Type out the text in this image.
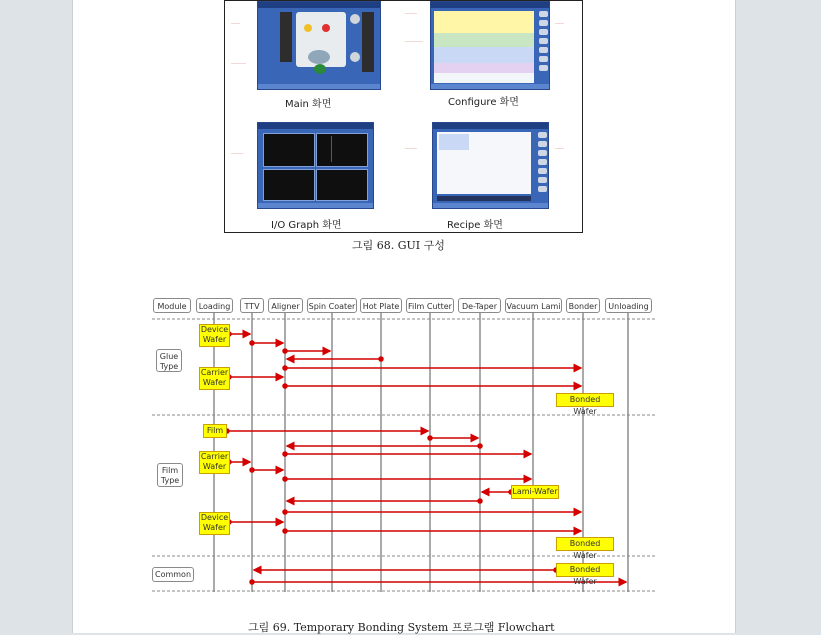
Main 화면	Configure 화면
I/O Graph 화면	Recipe 화면
―――
―――――
――――
――――――
――――
――――
―――
―――
그림 68. GUI 구성
Module	Loading	TTV	Aligner	Spin Coater Hot Plate	Film Cutter	De-Taper	Vacuum Lami	Bonder	Unloading
Glue
Type
Film
Type
Common
Device
Wafer
Carrier
Wafer
Bonded Wafer
Film
Carrier
Wafer
Lami-Wafer
Device
Wafer
Bonded Wafer
Bonded Wafer
그림 69. Temporary Bonding System 프로그램 Flowchart
